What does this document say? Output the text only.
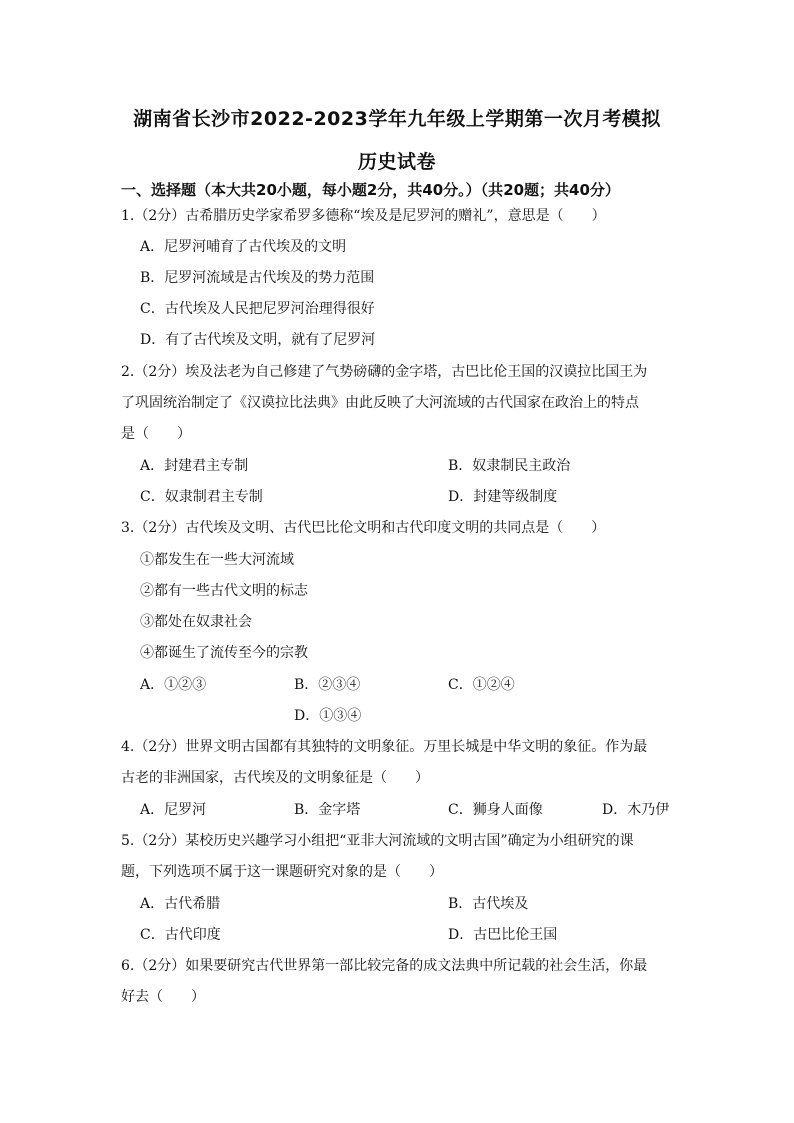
湖南省长沙市2022-2023学年九年级上学期第一次月考模拟
历史试卷
一、选择题（本大共20小题，每小题2分，共40分。）（共20题；共40分）
1.（2分）古希腊历史学家希罗多德称“埃及是尼罗河的赠礼”，意思是（　　）
A．尼罗河哺育了古代埃及的文明
B．尼罗河流域是古代埃及的势力范围
C．古代埃及人民把尼罗河治理得很好
D．有了古代埃及文明，就有了尼罗河
2.（2分）埃及法老为自己修建了气势磅礴的金字塔，古巴比伦王国的汉谟拉比国王为
了巩固统治制定了《汉谟拉比法典》由此反映了大河流域的古代国家在政治上的特点
是（　　）
A．封建君主专制	B．奴隶制民主政治
C．奴隶制君主专制	D．封建等级制度
3.（2分）古代埃及文明、古代巴比伦文明和古代印度文明的共同点是（　　）
①都发生在一些大河流域
②都有一些古代文明的标志
③都处在奴隶社会
④都诞生了流传至今的宗教
A．①②③	B．②③④	C．①②④
D．①③④
4.（2分）世界文明古国都有其独特的文明象征。万里长城是中华文明的象征。作为最
古老的非洲国家，古代埃及的文明象征是（　　）
A．尼罗河	B．金字塔	C．狮身人面像	D．木乃伊
5.（2分）某校历史兴趣学习小组把“亚非大河流域的文明古国”确定为小组研究的课
题，下列选项不属于这一课题研究对象的是（　　）
A．古代希腊	B．古代埃及
C．古代印度	D．古巴比伦王国
6.（2分）如果要研究古代世界第一部比较完备的成文法典中所记载的社会生活，你最
好去（　　）
